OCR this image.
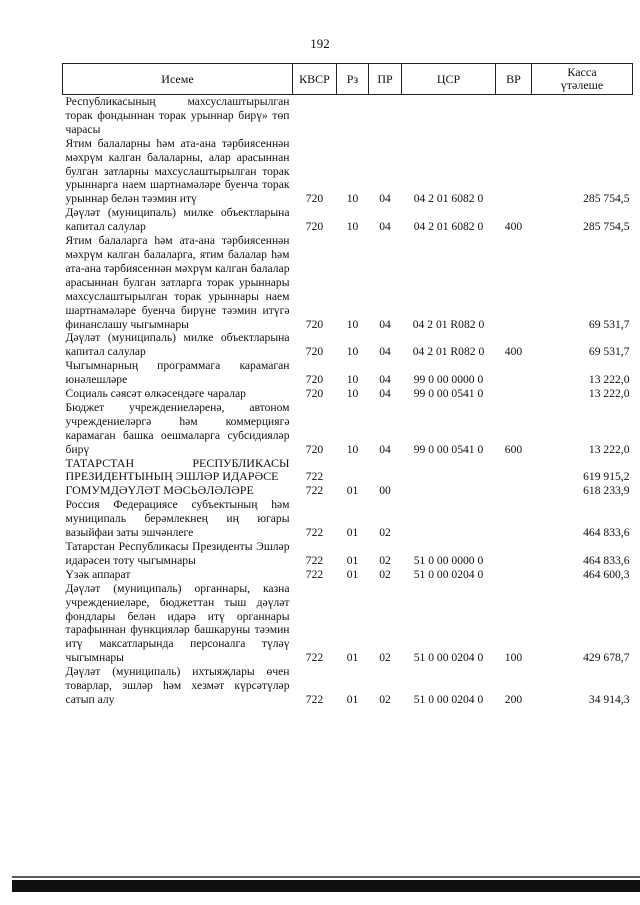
192
Исеме	КВСР	Рз	ПР	ЦСР	ВР	Касса
үтәлеше

Республикасының махсуслаштырылган торак фондыннан торак урыннар бирү» төп чарасы						
Ятим балаларны һәм ата-ана тәрбиясеннән мәхрүм калган балаларны, алар арасыннан булган затларны махсуслаштырылган торак урыннарга наем шартнамәләре буенча торак урыннар белән тәэмин итү	720	10	04	04 2 01 6082 0		285 754,5
Дәүләт (муниципаль) милке объектларына капитал салулар	720	10	04	04 2 01 6082 0	400	285 754,5
Ятим балаларга һәм ата-ана тәрбиясеннән мәхрүм калган балаларга, ятим балалар һәм ата-ана тәрбиясеннән мәхрүм калган балалар арасыннан булган затларга торак урыннары махсуслаштырылган торак урыннары наем шартнамәләре буенча бирүне тәэмин итүгә финанслашу чыгымнары	720	10	04	04 2 01 R082 0		69 531,7
Дәүләт (муниципаль) милке объектларына капитал салулар	720	10	04	04 2 01 R082 0	400	69 531,7
Чыгымнарның программага карамаган юнәлешләре	720	10	04	99 0 00 0000 0		13 222,0
Социаль сәясәт өлкәсендәге чаралар	720	10	04	99 0 00 0541 0		13 222,0
Бюджет учреждениеләренә, автоном учреждениеләргә һәм коммерциягә карамаган башка оешмаларга субсидияләр бирү	720	10	04	99 0 00 0541 0	600	13 222,0
ТАТАРСТАН РЕСПУБЛИКАСЫ ПРЕЗИДЕНТЫНЫҢ ЭШЛӘР ИДАРӘСЕ	722					619 915,2
ГОМУМДӘҮЛӘТ МӘСЬӘЛӘЛӘРЕ	722	01	00			618 233,9
Россия Федерациясе субъектының һәм муниципаль берәмлекнең иң югары вазыйфаи заты эшчәнлеге	722	01	02			464 833,6
Татарстан Республикасы Президенты Эшләр идарәсен тоту чыгымнары	722	01	02	51 0 00 0000 0		464 833,6
Үзәк аппарат	722	01	02	51 0 00 0204 0		464 600,3
Дәүләт (муниципаль) органнары, казна учреждениеләре, бюджеттан тыш дәүләт фондлары белән идарә итү органнары тарафыннан функцияләр башкаруны тәэмин итү максатларында персоналга түләү чыгымнары	722	01	02	51 0 00 0204 0	100	429 678,7
Дәүләт (муниципаль) ихтыяҗлары өчен товарлар, эшләр һәм хезмәт күрсәтүләр сатып алу	722	01	02	51 0 00 0204 0	200	34 914,3
